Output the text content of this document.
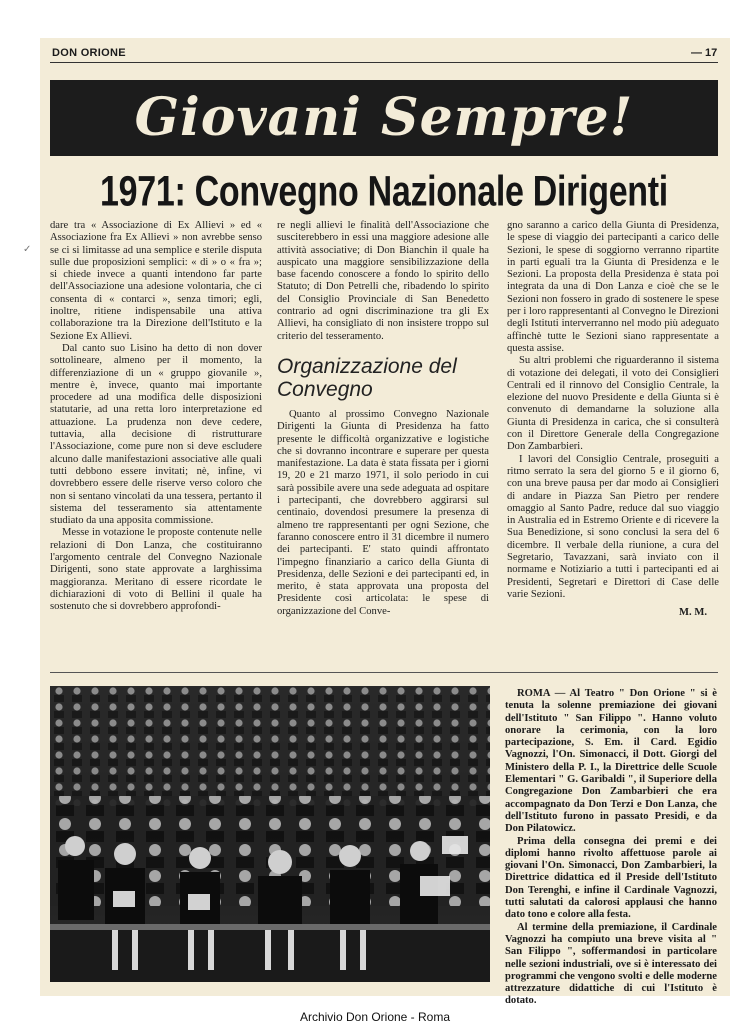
✓
DON ORIONE	— 17
Giovani Sempre!
1971: Convegno Nazionale Dirigenti

dare tra « Associazione di Ex Allievi » ed « Associazione fra Ex Allievi » non avrebbe senso se ci si limitasse ad una semplice e sterile disputa sulle due proposizioni semplici: « di » o « fra »; si chiede invece a quanti intendono far parte dell'Associazione una adesione volontaria, che ci consenta di « contarci », senza timori; egli, inoltre, ritiene indispensabile una attiva collaborazione tra la Direzione dell'Istituto e la Sezione Ex Allievi.

Dal canto suo Lisino ha detto di non dover sottolineare, almeno per il momento, la differenziazione di un « gruppo giovanile », mentre è, invece, quanto mai importante procedere ad una modifica delle disposizioni statutarie, ad una retta loro interpretazione ed attuazione. La prudenza non deve cedere, tuttavia, alla decisione di ristrutturare l'Associazione, come pure non si deve escludere alcuno dalle manifestazioni associative alle quali tutti debbono essere invitati; nè, infine, vi dovrebbero essere delle riserve verso coloro che non si sentano vincolati da una tessera, pertanto il sistema del tesseramento sia attentamente studiato da una apposita commissione.

Messe in votazione le proposte contenute nelle relazioni di Don Lanza, che costituiranno l'argomento centrale del Convegno Nazionale Dirigenti, sono state approvate a larghissima maggioranza. Meritano di essere ricordate le dichiarazioni di voto di Bellini il quale ha sostenuto che si dovrebbero approfondi-

re negli allievi le finalità dell'Associazione che susciterebbero in essi una maggiore adesione alle attività associative; di Don Bianchin il quale ha auspicato una maggiore sensibilizzazione della base facendo conoscere a fondo lo spirito dello Statuto; di Don Petrelli che, ribadendo lo spirito del Consiglio Provinciale di San Benedetto contrario ad ogni discriminazione tra gli Ex Allievi, ha consigliato di non insistere troppo sul criterio del tesseramento.

Organizzazione del Convegno

Quanto al prossimo Convegno Nazionale Dirigenti la Giunta di Presidenza ha fatto presente le difficoltà organizzative e logistiche che si dovranno incontrare e superare per questa manifestazione. La data è stata fissata per i giorni 19, 20 e 21 marzo 1971, il solo periodo in cui sarà possibile avere una sede adeguata ad ospitare i partecipanti, che dovrebbero aggirarsi sul centinaio, dovendosi presumere la presenza di almeno tre rappresentanti per ogni Sezione, che faranno conoscere entro il 31 dicembre il numero dei partecipanti. E' stato quindi affrontato l'impegno finanziario a carico della Giunta di Presidenza, delle Sezioni e dei partecipanti ed, in merito, è stata approvata una proposta del Presidente così articolata: le spese di organizzazione del Conve-

gno saranno a carico della Giunta di Presidenza, le spese di viaggio dei partecipanti a carico delle Sezioni, le spese di soggiorno verranno ripartite in parti eguali tra la Giunta di Presidenza e le Sezioni. La proposta della Presidenza è stata poi integrata da una di Don Lanza e cioè che se le Sezioni non fossero in grado di sostenere le spese per i loro rappresentanti al Convegno le Direzioni degli Istituti interverranno nel modo più adeguato affinchè tutte le Sezioni siano rappresentate a questa assise.

Su altri problemi che riguarderanno il sistema di votazione dei delegati, il voto dei Consiglieri Centrali ed il rinnovo del Consiglio Centrale, la elezione del nuovo Presidente e della Giunta si è convenuto di demandarne la soluzione alla Giunta di Presidenza in carica, che si consulterà con il Direttore Generale della Congregazione Don Zambarbieri.

I lavori del Consiglio Centrale, proseguiti a ritmo serrato la sera del giorno 5 e il giorno 6, con una breve pausa per dar modo ai Consiglieri di andare in Piazza San Pietro per rendere omaggio al Santo Padre, reduce dal suo viaggio in Australia ed in Estremo Oriente e di ricevere la Sua Benedizione, si sono conclusi la sera del 6 dicembre. Il verbale della riunione, a cura del Segretario, Tavazzani, sarà inviato con il normame e Notiziario a tutti i partecipanti ed ai Presidenti, Segretari e Direttori di Case delle varie Sezioni.

M. M.

ROMA — Al Teatro " Don Orione " si è tenuta la solenne premiazione dei giovani dell'Istituto " San Filippo ". Hanno voluto onorare la cerimonia, con la loro partecipazione, S. Em. il Card. Egidio Vagnozzi, l'On. Simonacci, il Dott. Giorgi del Ministero della P. I., la Direttrice delle Scuole Elementari " G. Garibaldi ", il Superiore della Congregazione Don Zambarbieri che era accompagnato da Don Terzi e Don Lanza, che dell'Istituto furono in passato Presidi, e da Don Pilatowicz.

Prima della consegna dei premi e dei diplomi hanno rivolto affettuose parole ai giovani l'On. Simonacci, Don Zambarbieri, la Direttrice didattica ed il Preside dell'Istituto Don Terenghi, e infine il Cardinale Vagnozzi, tutti salutati da calorosi applausi che hanno dato tono e colore alla festa.

Al termine della premiazione, il Cardinale Vagnozzi ha compiuto una breve visita al " San Filippo ", soffermandosi in particolare nelle sezioni industriali, ove si è interessato dei programmi che vengono svolti e delle moderne attrezzature didattiche di cui l'Istituto è dotato.

Archivio Don Orione - Roma
